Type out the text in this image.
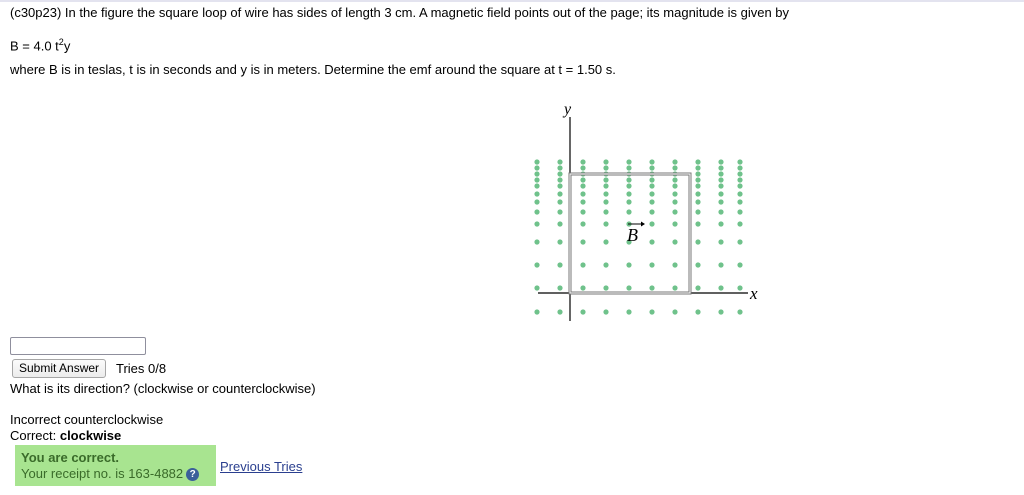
(c30p23) In the figure the square loop of wire has sides of length 3 cm. A magnetic field points out of the page; its magnitude is given by
B = 4.0 $t^2y$
where B is in teslas, t is in seconds and y is in meters. Determine the emf around the square at t = 1.50 s.
y
x
B
Submit Answer	Tries 0/8
What is its direction? (clockwise or counterclockwise)
Incorrect counterclockwise
Correct: clockwise
You are correct.
Your receipt no. is 163-4882 ?
Previous Tries
